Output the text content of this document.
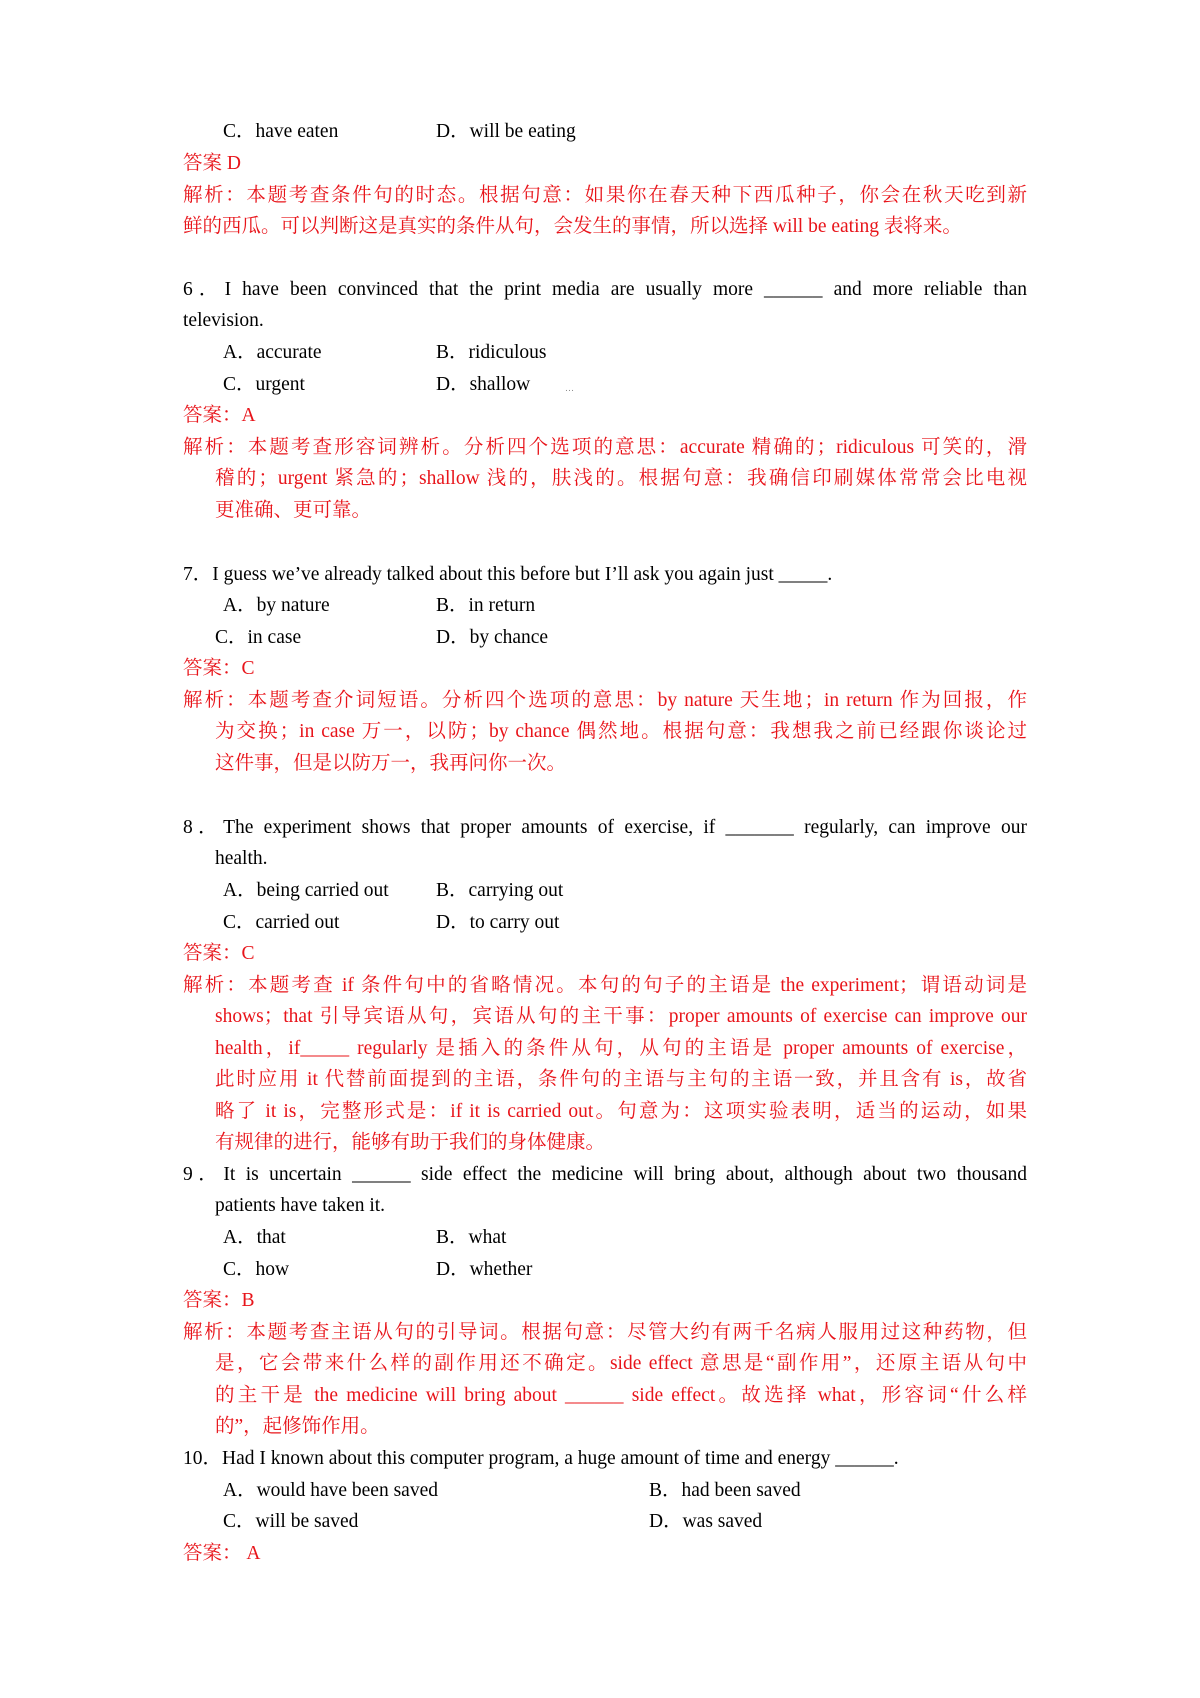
C．have eaten	D．will be eating
答案 D
解析：本题考查条件句的时态。根据句意：如果你在春天种下西瓜种子，你会在秋天吃到新
鲜的西瓜。可以判断这是真实的条件从句，会发生的事情，所以选择 will be eating 表将来。
6．I have been convinced that the print media are usually more ______ and more reliable than
television.
A．accurate	B．ridiculous
C．urgent	D．shallow	…
答案：A
解析：本题考查形容词辨析。分析四个选项的意思：accurate 精确的；ridiculous 可笑的，滑
稽的；urgent 紧急的；shallow 浅的，肤浅的。根据句意：我确信印刷媒体常常会比电视
更准确、更可靠。
7．I guess we’ve already talked about this before but I’ll ask you again just _____.
A．by nature	B．in return
C．in case	D．by chance
答案：C
解析：本题考查介词短语。分析四个选项的意思：by nature 天生地；in return 作为回报，作
为交换；in case 万一，以防；by chance 偶然地。根据句意：我想我之前已经跟你谈论过
这件事，但是以防万一，我再问你一次。
8．The experiment shows that proper amounts of exercise, if _______ regularly, can improve our
health.
A．being carried out B．carrying out
C．carried out	D．to carry out
答案：C
解析：本题考查 if 条件句中的省略情况。本句的句子的主语是 the experiment；谓语动词是
shows；that 引导宾语从句，宾语从句的主干事：proper amounts of exercise can improve our
health，if_____ regularly 是插入的条件从句，从句的主语是 proper amounts of exercise，
此时应用 it 代替前面提到的主语，条件句的主语与主句的主语一致，并且含有 is，故省
略了 it is，完整形式是：if it is carried out。句意为：这项实验表明，适当的运动，如果
有规律的进行，能够有助于我们的身体健康。
9．It is uncertain ______ side effect the medicine will bring about, although about two thousand
patients have taken it.
A．that	B．what
C．how	D．whether
答案：B
解析：本题考查主语从句的引导词。根据句意：尽管大约有两千名病人服用过这种药物，但
是，它会带来什么样的副作用还不确定。side effect 意思是“副作用”，还原主语从句中
的主干是 the medicine will bring about ______ side effect。故选择 what，形容词“什么样
的”，起修饰作用。
10．Had I known about this computer program, a huge amount of time and energy ______.
A．would have been saved	B．had been saved
C．will be saved	D．was saved
答案： A
